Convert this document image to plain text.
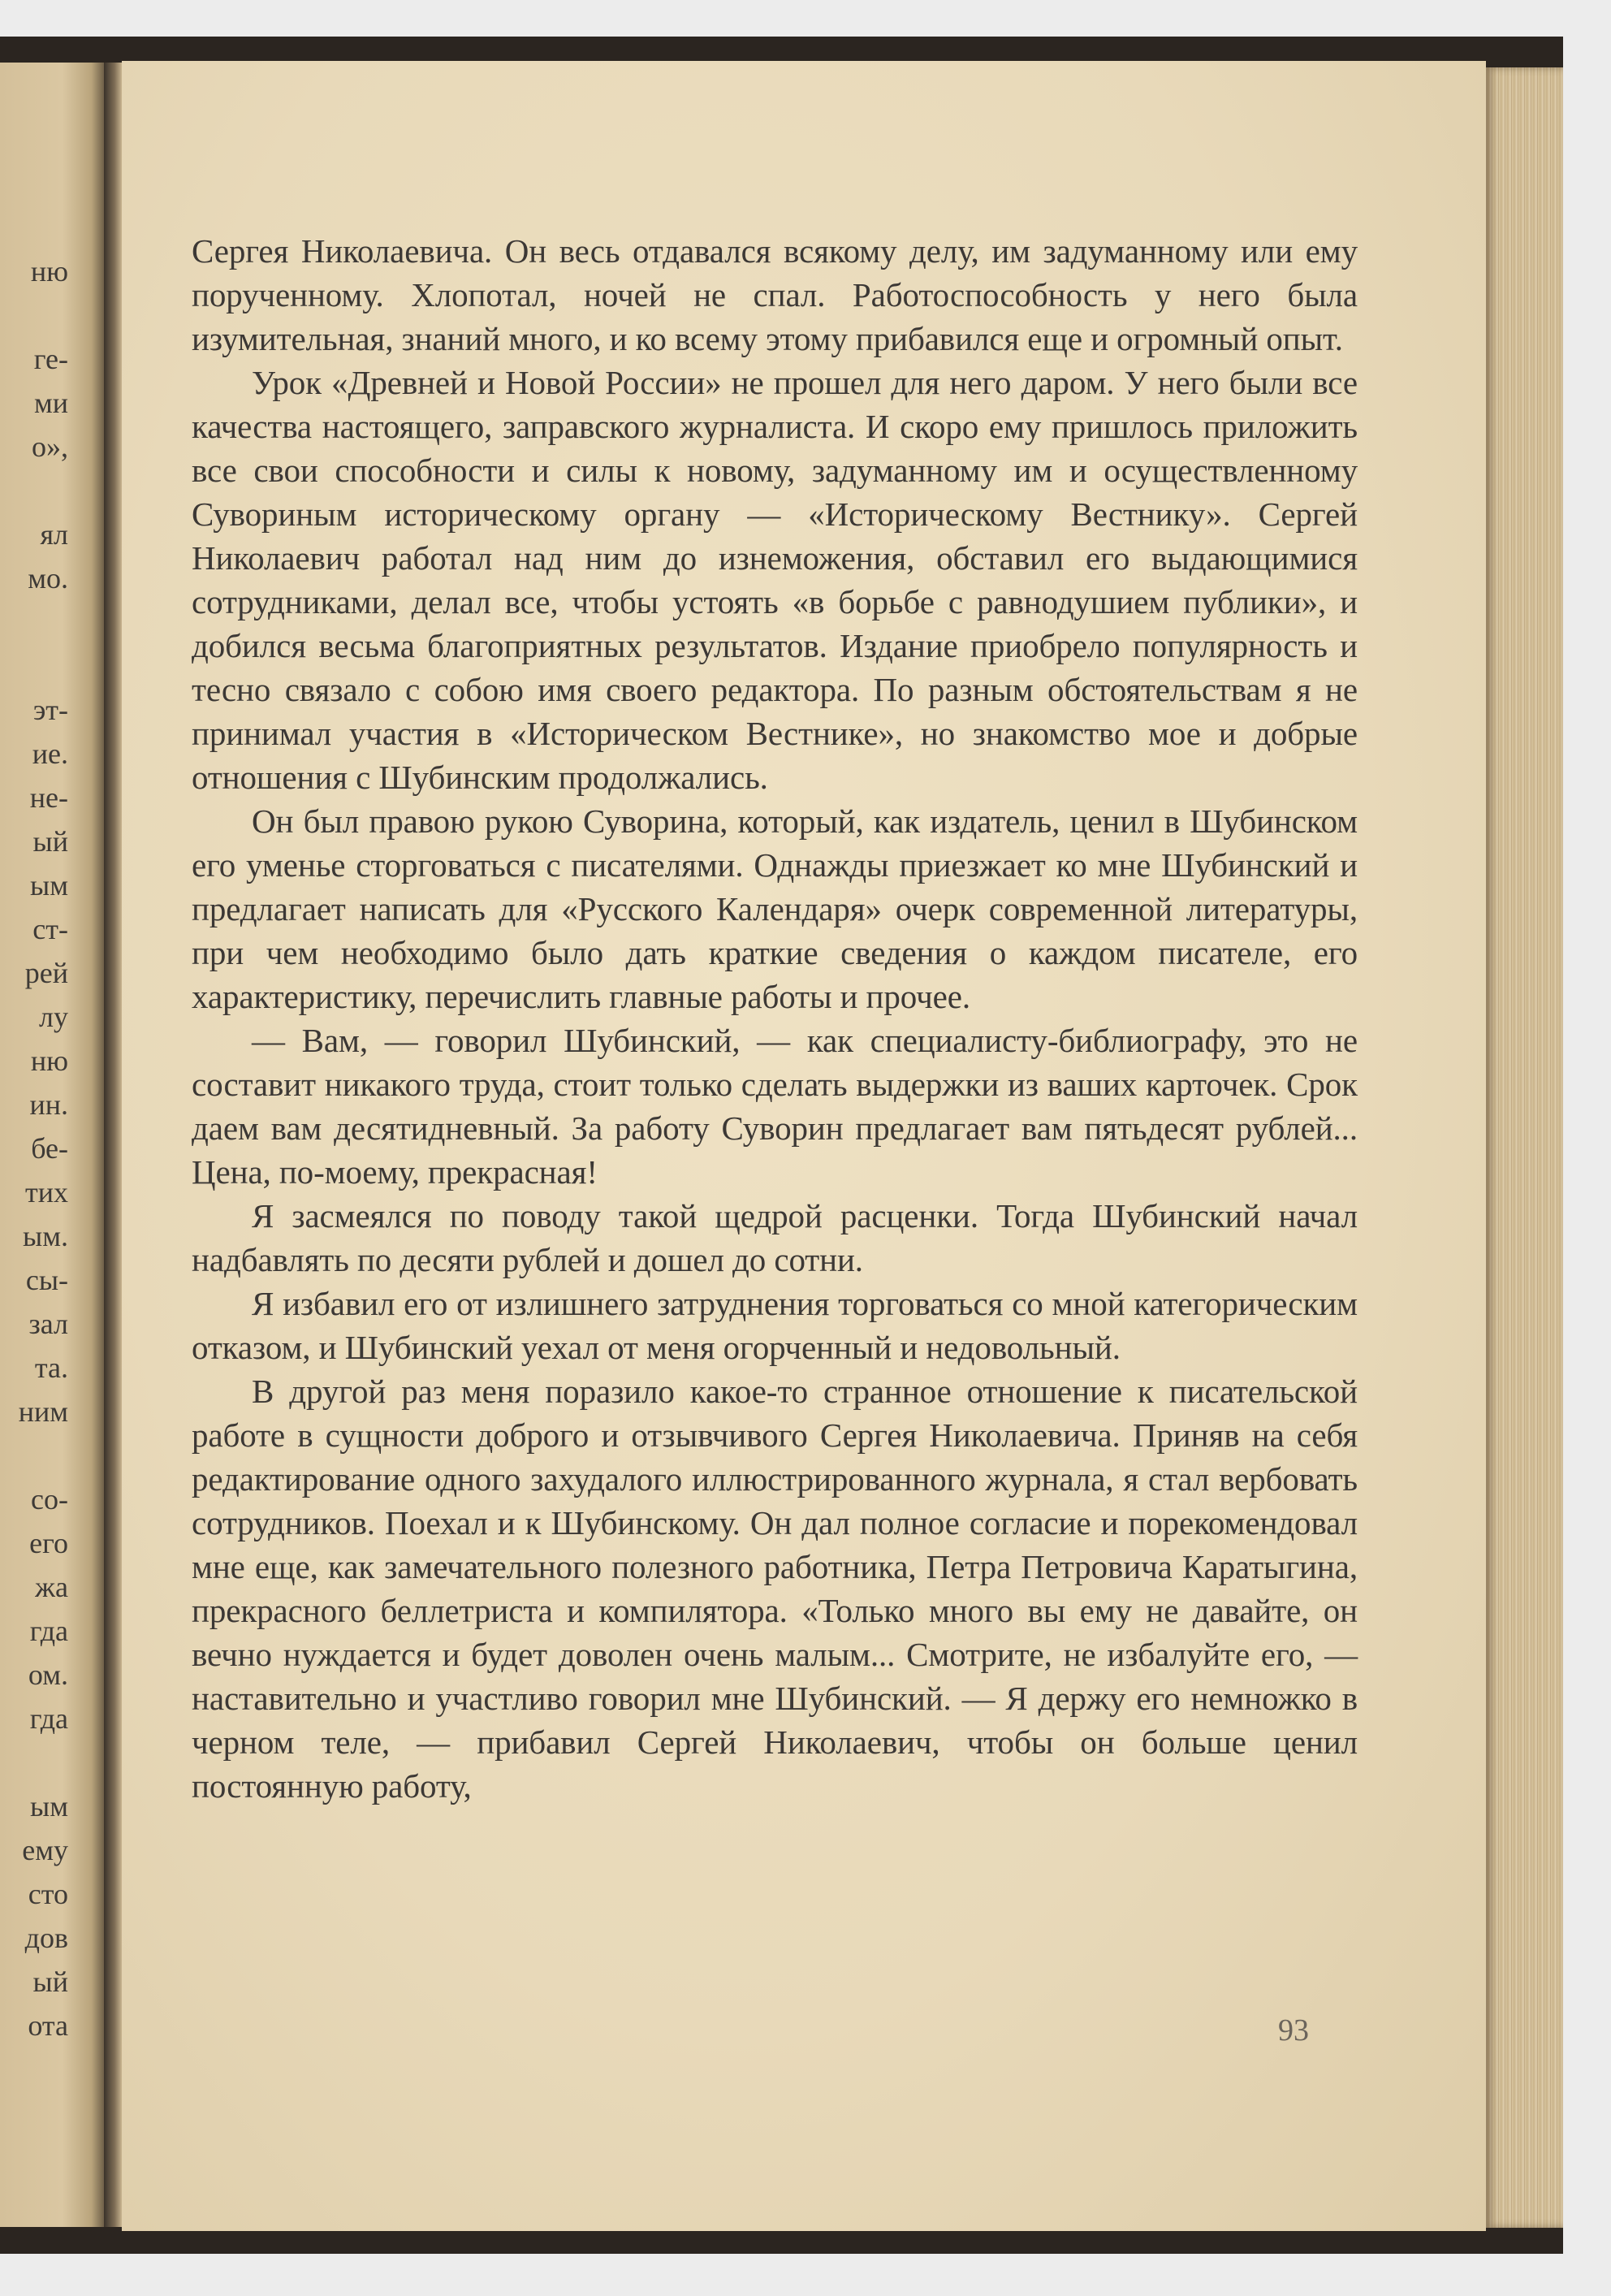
ню
ге-
ми
о»,
ял
мо.
эт-
ие.
не-
ый
ым
ст-
рей
лу
ню
ин.
бе-
тих
ым.
сы-
зал
та.
ним
со-
его
жа
гда
ом.
гда
ым
ему
сто
дов
ый
ота

Сергея Николаевича. Он весь отдавался всякому делу, им задуманному или ему порученному. Хлопотал, ночей не спал. Работоспособность у него была изумительная, знаний много, и ко всему этому прибавился еще и огромный опыт.

Урок «Древней и Новой России» не прошел для него даром. У него были все качества настоящего, заправского журналиста. И скоро ему пришлось приложить все свои способности и силы к новому, задуманному им и осуществленному Сувориным историческому органу — «Историческому Вестнику». Сергей Николаевич работал над ним до изнеможения, обставил его выдающимися сотрудниками, делал все, чтобы устоять «в борьбе с равнодушием публики», и добился весьма благоприятных результатов. Издание приобрело популярность и тесно связало с собою имя своего редактора. По разным обстоятельствам я не принимал участия в «Историческом Вестнике», но знакомство мое и добрые отношения с Шубинским продолжались.

Он был правою рукою Суворина, который, как издатель, ценил в Шубинском его уменье сторговаться с писателями. Однажды приезжает ко мне Шубинский и предлагает написать для «Русского Календаря» очерк современной литературы, при чем необходимо было дать краткие сведения о каждом писателе, его характеристику, перечислить главные работы и прочее.

— Вам, — говорил Шубинский, — как специалисту-библиографу, это не составит никакого труда, стоит только сделать выдержки из ваших карточек. Срок даем вам десятидневный. За работу Суворин предлагает вам пятьдесят рублей... Цена, по-моему, прекрасная!

Я засмеялся по поводу такой щедрой расценки. Тогда Шубинский начал надбавлять по десяти рублей и дошел до сотни.

Я избавил его от излишнего затруднения торговаться со мной категорическим отказом, и Шубинский уехал от меня огорченный и недовольный.

В другой раз меня поразило какое-то странное отношение к писательской работе в сущности доброго и отзывчивого Сергея Николаевича. Приняв на себя редактирование одного захудалого иллюстрированного журнала, я стал вербовать сотрудников. Поехал и к Шубинскому. Он дал полное согласие и порекомендовал мне еще, как замечательного полезного работника, Петра Петровича Каратыгина, прекрасного беллетриста и компилятора. «Только много вы ему не давайте, он вечно нуждается и будет доволен очень малым... Смотрите, не избалуйте его, — наставительно и участливо говорил мне Шубинский. — Я держу его немножко в черном теле, — прибавил Сергей Николаевич, чтобы он больше ценил постоянную работу,

93
